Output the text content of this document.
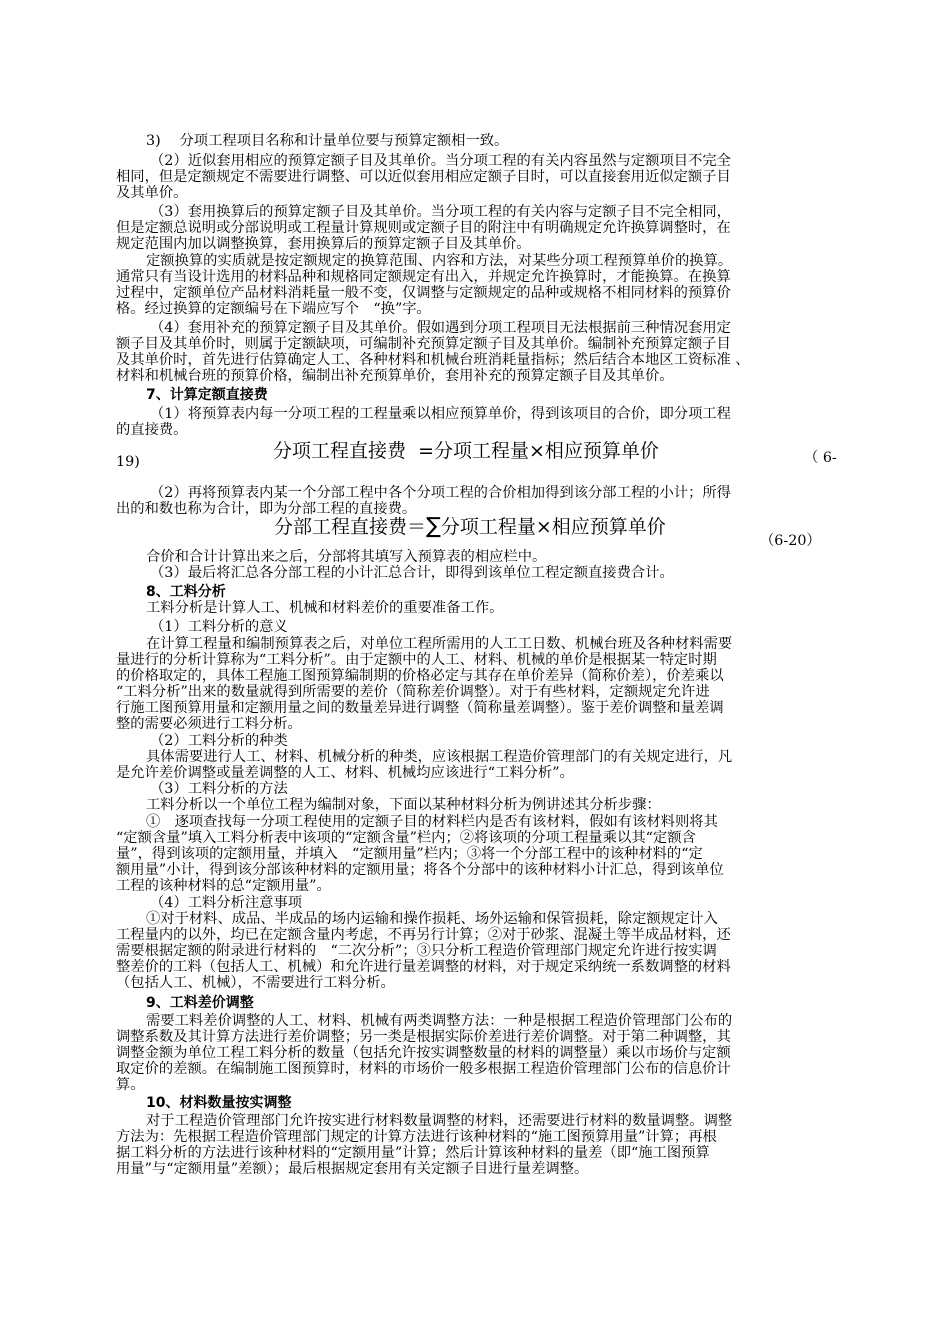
3)　 分项工程项目名称和计量单位要与预算定额相一致。
（2）近似套用相应的预算定额子目及其单价。当分项工程的有关内容虽然与定额项目不完全
相同，但是定额规定不需要进行调整、可以近似套用相应定额子目时，可以直接套用近似定额子目
及其单价。
（3）套用换算后的预算定额子目及其单价。当分项工程的有关内容与定额子目不完全相同，
但是定额总说明或分部说明或工程量计算规则或定额子目的附注中有明确规定允许换算调整时，在
规定范围内加以调整换算，套用换算后的预算定额子目及其单价。
定额换算的实质就是按定额规定的换算范围、内容和方法，对某些分项工程预算单价的换算。
通常只有当设计选用的材料品种和规格同定额规定有出入，并规定允许换算时，才能换算。在换算
过程中，定额单位产品材料消耗量一般不变，仅调整与定额规定的品种或规格不相同材料的预算价
格。经过换算的定额编号在下端应写个　“换”字。
（4）套用补充的预算定额子目及其单价。假如遇到分项工程项目无法根据前三种情况套用定
额子目及其单价时，则属于定额缺项，可编制补充预算定额子目及其单价。编制补充预算定额子目
及其单价时，首先进行估算确定人工、各种材料和机械台班消耗量指标；然后结合本地区工资标准 、
材料和机械台班的预算价格，编制出补充预算单价，套用补充的预算定额子目及其单价。
7、计算定额直接费
（1）将预算表内每一分项工程的工程量乘以相应预算单价，得到该项目的合价，即分项工程
的直接费。
19)
（2）再将预算表内某一个分部工程中各个分项工程的合价相加得到该分部工程的小计；所得
出的和数也称为合计，即为分部工程的直接费。
合价和合计计算出来之后，分部将其填写入预算表的相应栏中。
（3）最后将汇总各分部工程的小计汇总合计，即得到该单位工程定额直接费合计。
8、工料分析
工料分析是计算人工、机械和材料差价的重要准备工作。
（1）工料分析的意义
在计算工程量和编制预算表之后，对单位工程所需用的人工工日数、机械台班及各种材料需要
量进行的分析计算称为“工料分析”。由于定额中的人工、材料、机械的单价是根据某一特定时期
的价格取定的，具体工程施工图预算编制期的价格必定与其存在单价差异（简称价差），价差乘以
“工料分析”出来的数量就得到所需要的差价（简称差价调整）。对于有些材料，定额规定允许进
行施工图预算用量和定额用量之间的数量差异进行调整（简称量差调整）。鉴于差价调整和量差调
整的需要必须进行工料分析。
（2）工料分析的种类
具体需要进行人工、材料、机械分析的种类，应该根据工程造价管理部门的有关规定进行，凡
是允许差价调整或量差调整的人工、材料、机械均应该进行“工料分析”。
（3）工料分析的方法
工料分析以一个单位工程为编制对象，下面以某种材料分析为例讲述其分析步骤：
①　逐项查找每一分项工程使用的定额子目的材料栏内是否有该材料，假如有该材料则将其
“定额含量”填入工料分析表中该项的“定额含量”栏内；②将该项的分项工程量乘以其“定额含
量”，得到该项的定额用量，并填入　“定额用量”栏内；③将一个分部工程中的该种材料的“定
额用量”小计，得到该分部该种材料的定额用量；将各个分部中的该种材料小计汇总，得到该单位
工程的该种材料的总“定额用量”。
（4）工料分析注意事项
①对于材料、成品、半成品的场内运输和操作损耗、场外运输和保管损耗，除定额规定计入
工程量内的以外，均已在定额含量内考虑，不再另行计算；②对于砂浆、混凝土等半成品材料，还
需要根据定额的附录进行材料的　“二次分析”；③只分析工程造价管理部门规定允许进行按实调
整差价的工料（包括人工、机械）和允许进行量差调整的材料，对于规定采纳统一系数调整的材料
（包括人工、机械），不需要进行工料分析。
9、工料差价调整
需要工料差价调整的人工、材料、机械有两类调整方法：一种是根据工程造价管理部门公布的
调整系数及其计算方法进行差价调整；另一类是根据实际价差进行差价调整。对于第二种调整，其
调整金额为单位工程工料分析的数量（包括允许按实调整数量的材料的调整量）乘以市场价与定额
取定价的差额。在编制施工图预算时，材料的市场价一般多根据工程造价管理部门公布的信息价计
算。
10、材料数量按实调整
对于工程造价管理部门允许按实进行材料数量调整的材料，还需要进行材料的数量调整。调整
方法为：先根据工程造价管理部门规定的计算方法进行该种材料的“施工图预算用量”计算；再根
据工料分析的方法进行该种材料的“定额用量”计算；然后计算该种材料的量差（即“施工图预算
用量”与“定额用量”差额）；最后根据规定套用有关定额子目进行量差调整。
分项工程直接费 =分项工程量×相应预算单价	（ 6-
分部工程直接费＝∑分项工程量×相应预算单价
（6-20）
